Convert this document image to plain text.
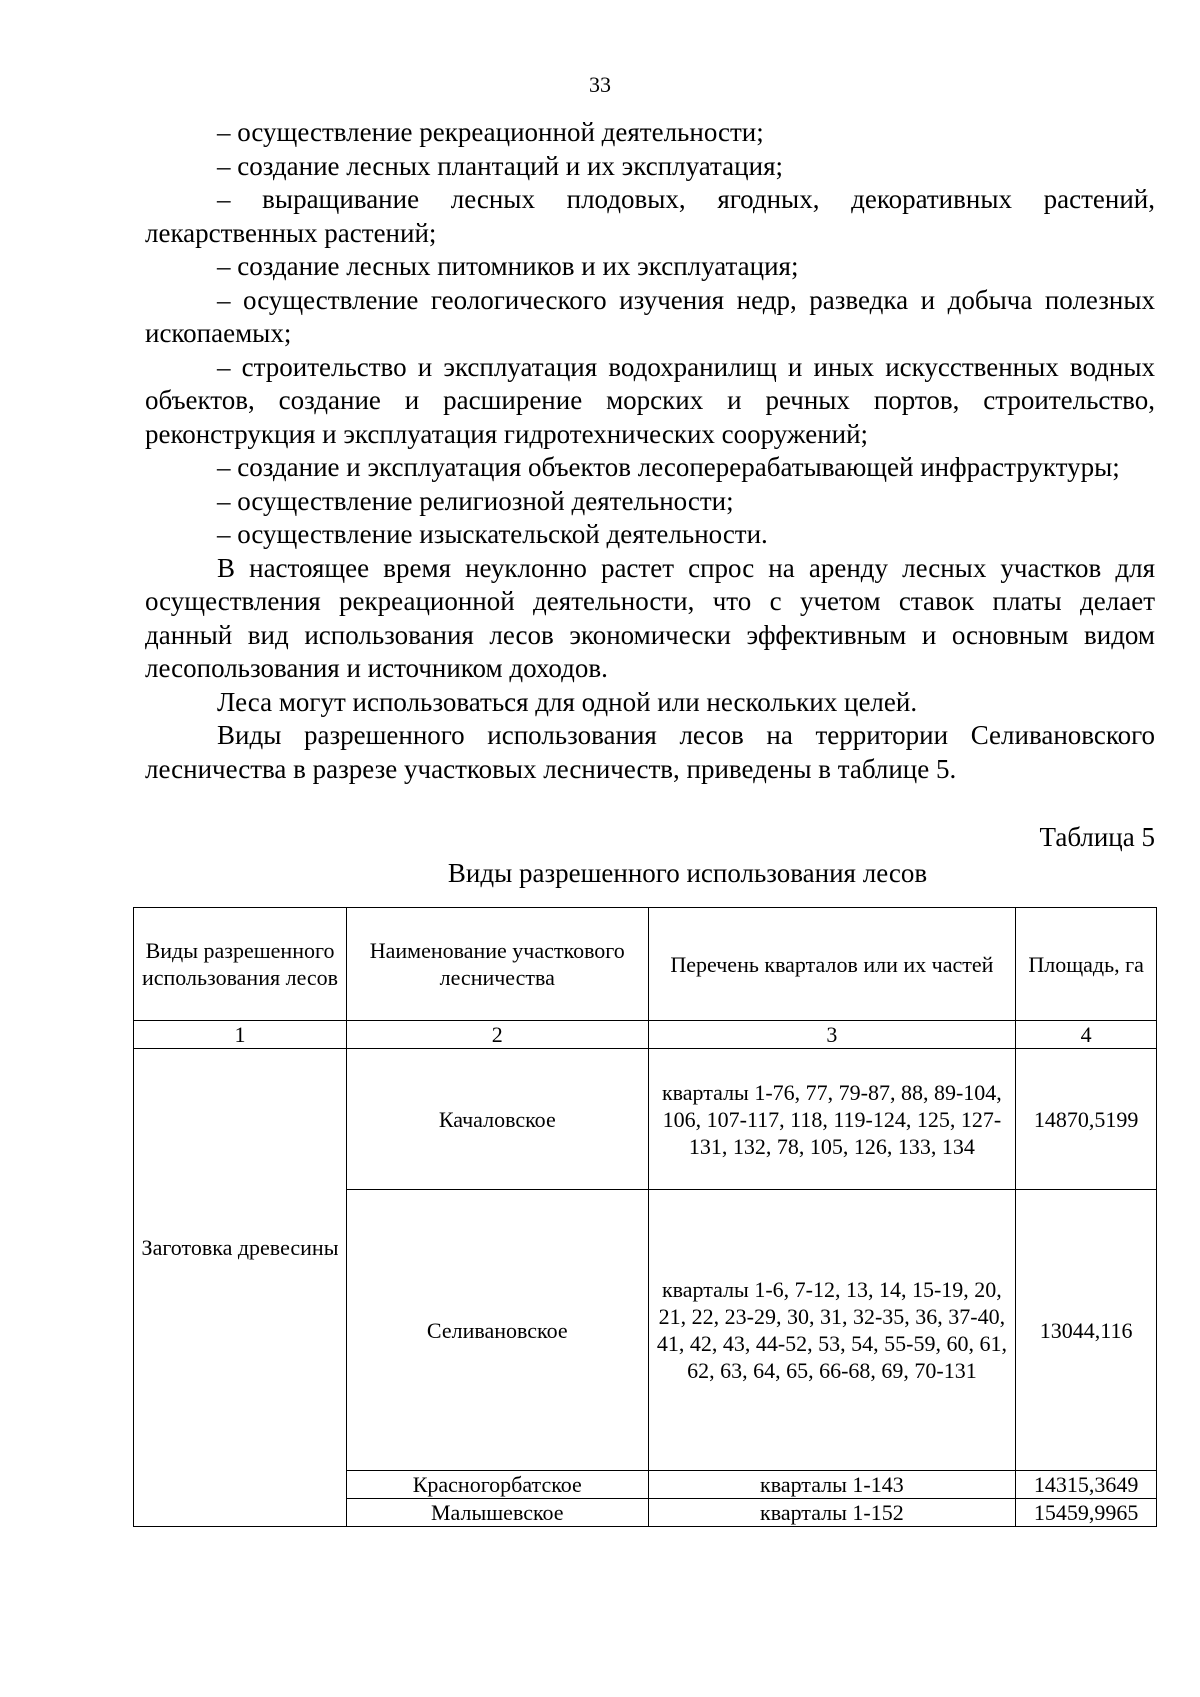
33

– осуществление рекреационной деятельности;

– создание лесных плантаций и их эксплуатация;

– выращивание лесных плодовых, ягодных, декоративных растений, лекарственных растений;

– создание лесных питомников и их эксплуатация;

– осуществление геологического изучения недр, разведка и добыча полезных ископаемых;

– строительство и эксплуатация водохранилищ и иных искусственных водных объектов, создание и расширение морских и речных портов, строительство, реконструкция и эксплуатация гидротехнических сооружений;

– создание и эксплуатация объектов лесоперерабатывающей инфраструктуры;

– осуществление религиозной деятельности;

– осуществление изыскательской деятельности.

В настоящее время неуклонно растет спрос на аренду лесных участков для осуществления рекреационной деятельности, что с учетом ставок платы делает данный вид использования лесов экономически эффективным и основным видом лесопользования и источником доходов.

Леса могут использоваться для одной или нескольких целей.

Виды разрешенного использования лесов на территории Селивановского лесничества в разрезе участковых лесничеств, приведены в таблице 5.

Таблица 5
Виды разрешенного использования лесов
Виды разрешенного использования лесов	Наименование участкового лесничества	Перечень кварталов или их частей	Площадь, га
1	2	3	4

Заготовка древесины	Качаловское	кварталы 1-76, 77, 79-87, 88, 89-104, 106, 107-117, 118, 119-124, 125, 127-131, 132, 78, 105, 126, 133, 134	14870,5199
	Селивановское	кварталы 1-6, 7-12, 13, 14, 15-19, 20, 21, 22, 23-29, 30, 31, 32-35, 36, 37-40, 41, 42, 43, 44-52, 53, 54, 55-59, 60, 61, 62, 63, 64, 65, 66-68, 69, 70-131	13044,116
	Красногорбатское	кварталы 1-143	14315,3649
	Малышевское	кварталы 1-152	15459,9965
